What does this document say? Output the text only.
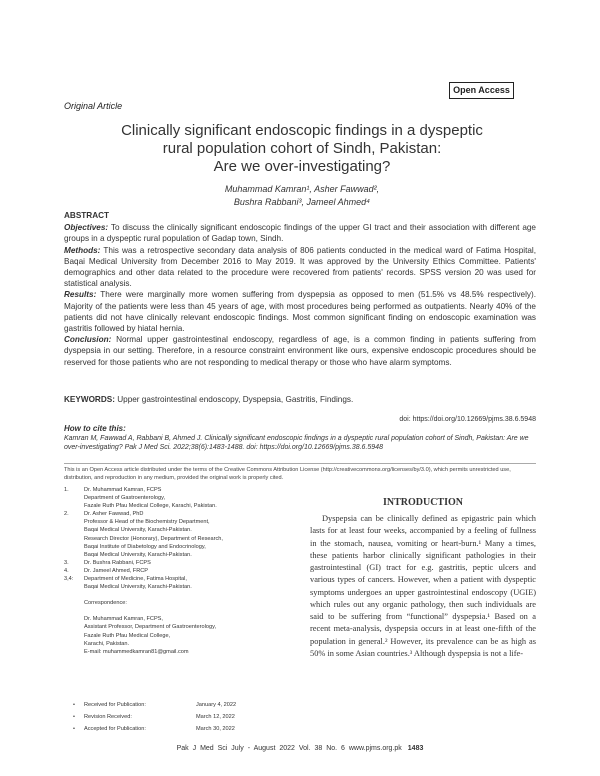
Open Access
Original Article
Clinically significant endoscopic findings in a dyspeptic
rural population cohort of Sindh, Pakistan:
Are we over-investigating?
Muhammad Kamran¹, Asher Fawwad²,
Bushra Rabbani³, Jameel Ahmed⁴
ABSTRACT

Objectives: To discuss the clinically significant endoscopic findings of the upper GI tract and their association with different age groups in a dyspeptic rural population of Gadap town, Sindh.

Methods: This was a retrospective secondary data analysis of 806 patients conducted in the medical ward of Fatima Hospital, Baqai Medical University from December 2016 to May 2019. It was approved by the University Ethics Committee. Patients' demographics and other data related to the procedure were recovered from patients' records. SPSS version 20 was used for statistical analysis.

Results: There were marginally more women suffering from dyspepsia as opposed to men (51.5% vs 48.5% respectively). Majority of the patients were less than 45 years of age, with most procedures being performed as outpatients. Nearly 40% of the patients did not have clinically relevant endoscopic findings. Most common significant finding on endoscopic examination was gastritis followed by hiatal hernia.

Conclusion: Normal upper gastrointestinal endoscopy, regardless of age, is a common finding in patients suffering from dyspepsia in our setting. Therefore, in a resource constraint environment like ours, expensive endoscopic procedures should be reserved for those patients who are not responding to medical therapy or those who have alarm symptoms.

KEYWORDS: Upper gastrointestinal endoscopy, Dyspepsia, Gastritis, Findings.
doi: https://doi.org/10.12669/pjms.38.6.5948
How to cite this:
Kamran M, Fawwad A, Rabbani B, Ahmed J. Clinically significant endoscopic findings in a dyspeptic rural population cohort of Sindh, Pakistan: Are we over-investigating? Pak J Med Sci. 2022;38(6):1483-1488. doi: https://doi.org/10.12669/pjms.38.6.5948
This is an Open Access article distributed under the terms of the Creative Commons Attribution License (http://creativecommons.org/licenses/by/3.0), which permits unrestricted use, distribution, and reproduction in any medium, provided the original work is properly cited.
1.	Dr. Muhammad Kamran, FCPS
Department of Gastroenterology,
Fazale Ruth Pfau Medical College, Karachi, Pakistan.
2.	Dr. Asher Fawwad, PhD
Professor & Head of the Biochemistry Department,
Baqai Medical University, Karachi-Pakistan.
Research Director (Honorary), Department of Research,
Baqai Institute of Diabetology and Endocrinology,
Baqai Medical University, Karachi-Pakistan.
3.	Dr. Bushra Rabbani, FCPS
4.	Dr. Jameel Ahmed, FRCP
3,4:	Department of Medicine, Fatima Hospital,
Baqai Medical University, Karachi-Pakistan.
Correspondence:
Dr. Muhammad Kamran, FCPS,
Assistant Professor, Department of Gastroenterology,
Fazale Ruth Pfau Medical College,
Karachi, Pakistan.
E-mail: muhammedkamran81@gmail.com
•	Received for Publication:	January 4, 2022
•	Revision Received:	March 12, 2022
•	Accepted for Publication:	March 30, 2022
INTRODUCTION
Dyspepsia can be clinically defined as epigastric pain which lasts for at least four weeks, accompanied by a feeling of fullness in the stomach, nausea, vomiting or heart-burn.¹ Many a times, these patients harbor clinically significant pathologies in their gastrointestinal (GI) tract for e.g. gastritis, peptic ulcers and various types of cancers. However, when a patient with dyspeptic symptoms undergoes an upper gastrointestinal endoscopy (UGIE) which rules out any organic pathology, then such individuals are said to be suffering from “functional” dyspepsia.¹ Based on a recent meta-analysis, dyspepsia occurs in at least one-fifth of the population in general.² However, its prevalence can be as high as 50% in some Asian countries.³ Although dyspepsia is not a life-
Pak J Med Sci July - August 2022 Vol. 38 No. 6 www.pjms.org.pk 1483
